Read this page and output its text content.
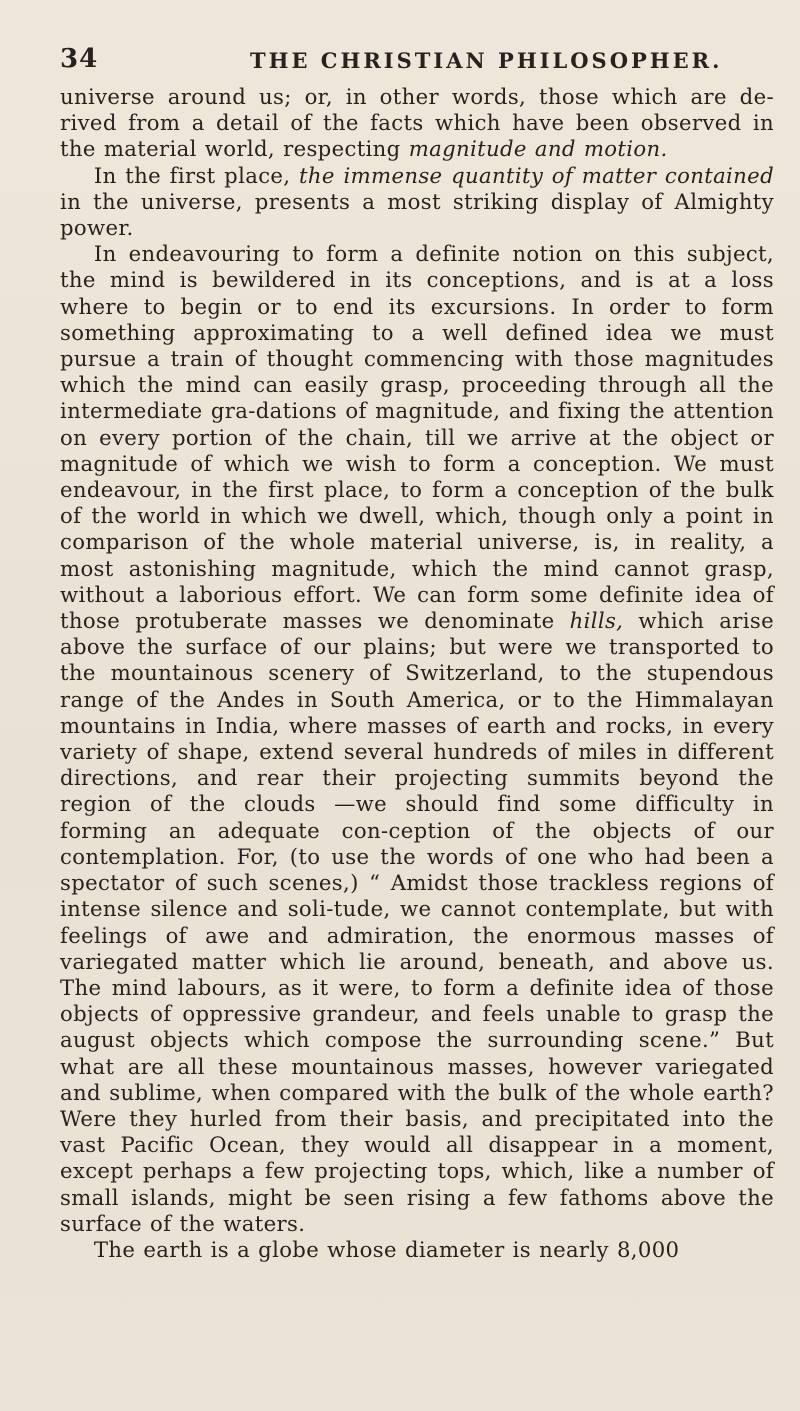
34	THE CHRISTIAN PHILOSOPHER.

universe around us; or, in other words, those which are de-rived from a detail of the facts which have been observed in the material world, respecting magnitude and motion.

In the first place, the immense quantity of matter contained in the universe, presents a most striking display of Almighty power.

In endeavouring to form a definite notion on this subject, the mind is bewildered in its conceptions, and is at a loss where to begin or to end its excursions. In order to form something approximating to a well defined idea we must pursue a train of thought commencing with those magnitudes which the mind can easily grasp, proceeding through all the intermediate gra-dations of magnitude, and fixing the attention on every portion of the chain, till we arrive at the object or magnitude of which we wish to form a conception. We must endeavour, in the first place, to form a conception of the bulk of the world in which we dwell, which, though only a point in comparison of the whole material universe, is, in reality, a most astonishing magnitude, which the mind cannot grasp, without a laborious effort. We can form some definite idea of those protuberate masses we denominate hills, which arise above the surface of our plains; but were we transported to the mountainous scenery of Switzerland, to the stupendous range of the Andes in South America, or to the Himmalayan mountains in India, where masses of earth and rocks, in every variety of shape, extend several hundreds of miles in different directions, and rear their projecting summits beyond the region of the clouds —we should find some difficulty in forming an adequate con-ception of the objects of our contemplation. For, (to use the words of one who had been a spectator of such scenes,) “ Amidst those trackless regions of intense silence and soli-tude, we cannot contemplate, but with feelings of awe and admiration, the enormous masses of variegated matter which lie around, beneath, and above us. The mind labours, as it were, to form a definite idea of those objects of oppressive grandeur, and feels unable to grasp the august objects which compose the surrounding scene.” But what are all these mountainous masses, however variegated and sublime, when compared with the bulk of the whole earth? Were they hurled from their basis, and precipitated into the vast Pacific Ocean, they would all disappear in a moment, except perhaps a few projecting tops, which, like a number of small islands, might be seen rising a few fathoms above the surface of the waters.

The earth is a globe whose diameter is nearly 8,000
